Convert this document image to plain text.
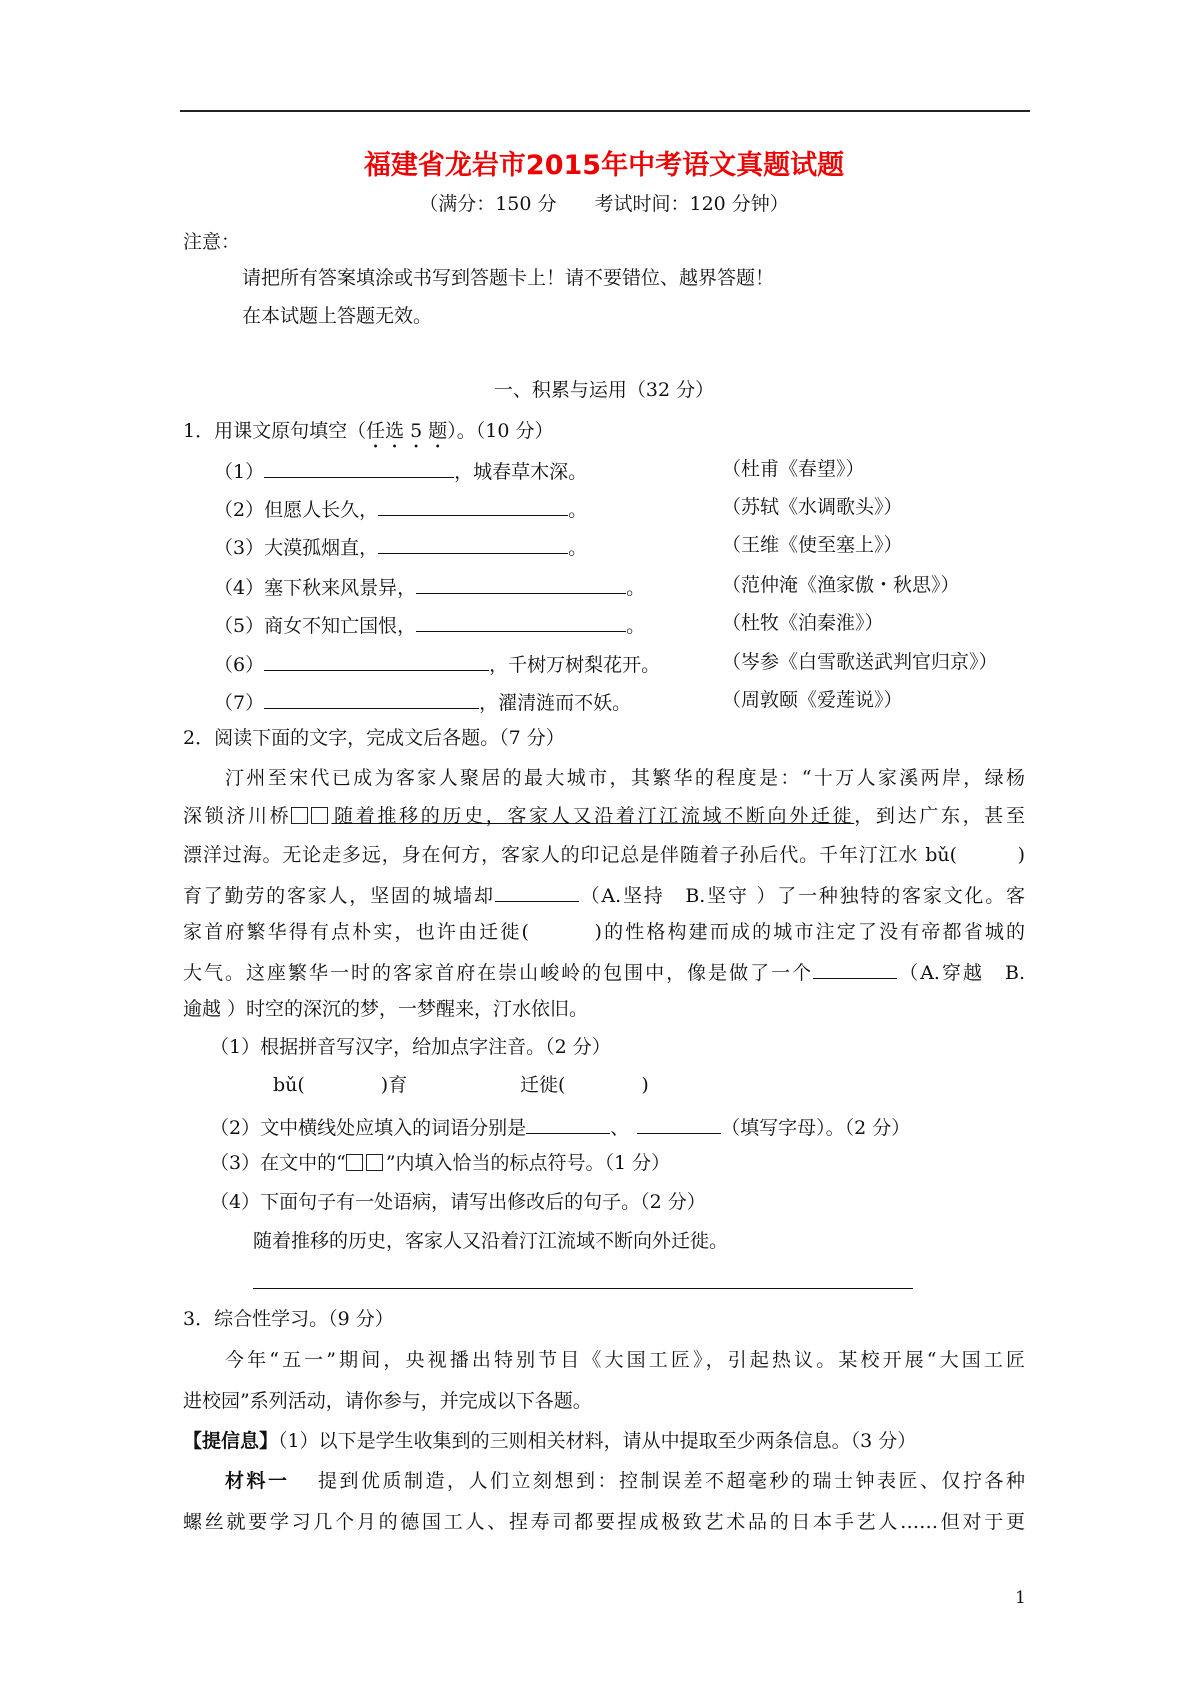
福建省龙岩市2015年中考语文真题试题
（满分：150 分　　考试时间：120 分钟）
注意：
请把所有答案填涂或书写到答题卡上！请不要错位、越界答题！
在本试题上答题无效。
一、积累与运用（32 分）
1．用课文原句填空（任选 5 题）。（10 分）
（1）	，城春草木深。	（杜甫《春望》）
（2）但愿人长久，	。	（苏轼《水调歌头》）
（3）大漠孤烟直，	。	（王维《使至塞上》）
（4）塞下秋来风景异，	。	（范仲淹《渔家傲・秋思》）
（5）商女不知亡国恨，	。	（杜牧《泊秦淮》）
（6）	，千树万树梨花开。	（岑参《白雪歌送武判官归京》）
（7）	，濯清涟而不妖。	（周敦颐《爱莲说》）
2．阅读下面的文字，完成文后各题。（7 分）
汀州至宋代已成为客家人聚居的最大城市，其繁华的程度是：“十万人家溪两岸，绿杨
深锁济川桥 随着推移的历史，客家人又沿着汀江流域不断向外迁徙，到达广东，甚至
漂洋过海。无论走多远，身在何方，客家人的印记总是伴随着子孙后代。千年汀江水 bǔ(　　　)
育了勤劳的客家人，坚固的城墙却	（A.坚持　B.坚守 ）了一种独特的客家文化。客
家首府繁华得有点朴实，也许由迁徙(　　　)的性格构建而成的城市注定了没有帝都省城的
大气。这座繁华一时的客家首府在崇山峻岭的包围中，像是做了一个	（A.穿越　B.
逾越 ）时空的深沉的梦，一梦醒来，汀水依旧。
（1）根据拼音写汉字，给加点字注音。（2 分）
bǔ(　　　　)育	迁徙(　　　　)
（2）文中横线处应填入的词语分别是	、	（填写字母）。（2 分）
（3）在文中的“ ”内填入恰当的标点符号。（1 分）
（4）下面句子有一处语病，请写出修改后的句子。（2 分）
随着推移的历史，客家人又沿着汀江流域不断向外迁徙。
3．综合性学习。（9 分）
今年“五一”期间，央视播出特别节目《大国工匠》，引起热议。某校开展“大国工匠
进校园”系列活动，请你参与，并完成以下各题。
【提信息】（1）以下是学生收集到的三则相关材料，请从中提取至少两条信息。（3 分）
材料一 提到优质制造，人们立刻想到：控制误差不超毫秒的瑞士钟表匠、仅拧各种
螺丝就要学习几个月的德国工人、捏寿司都要捏成极致艺术品的日本手艺人……但对于更
1
